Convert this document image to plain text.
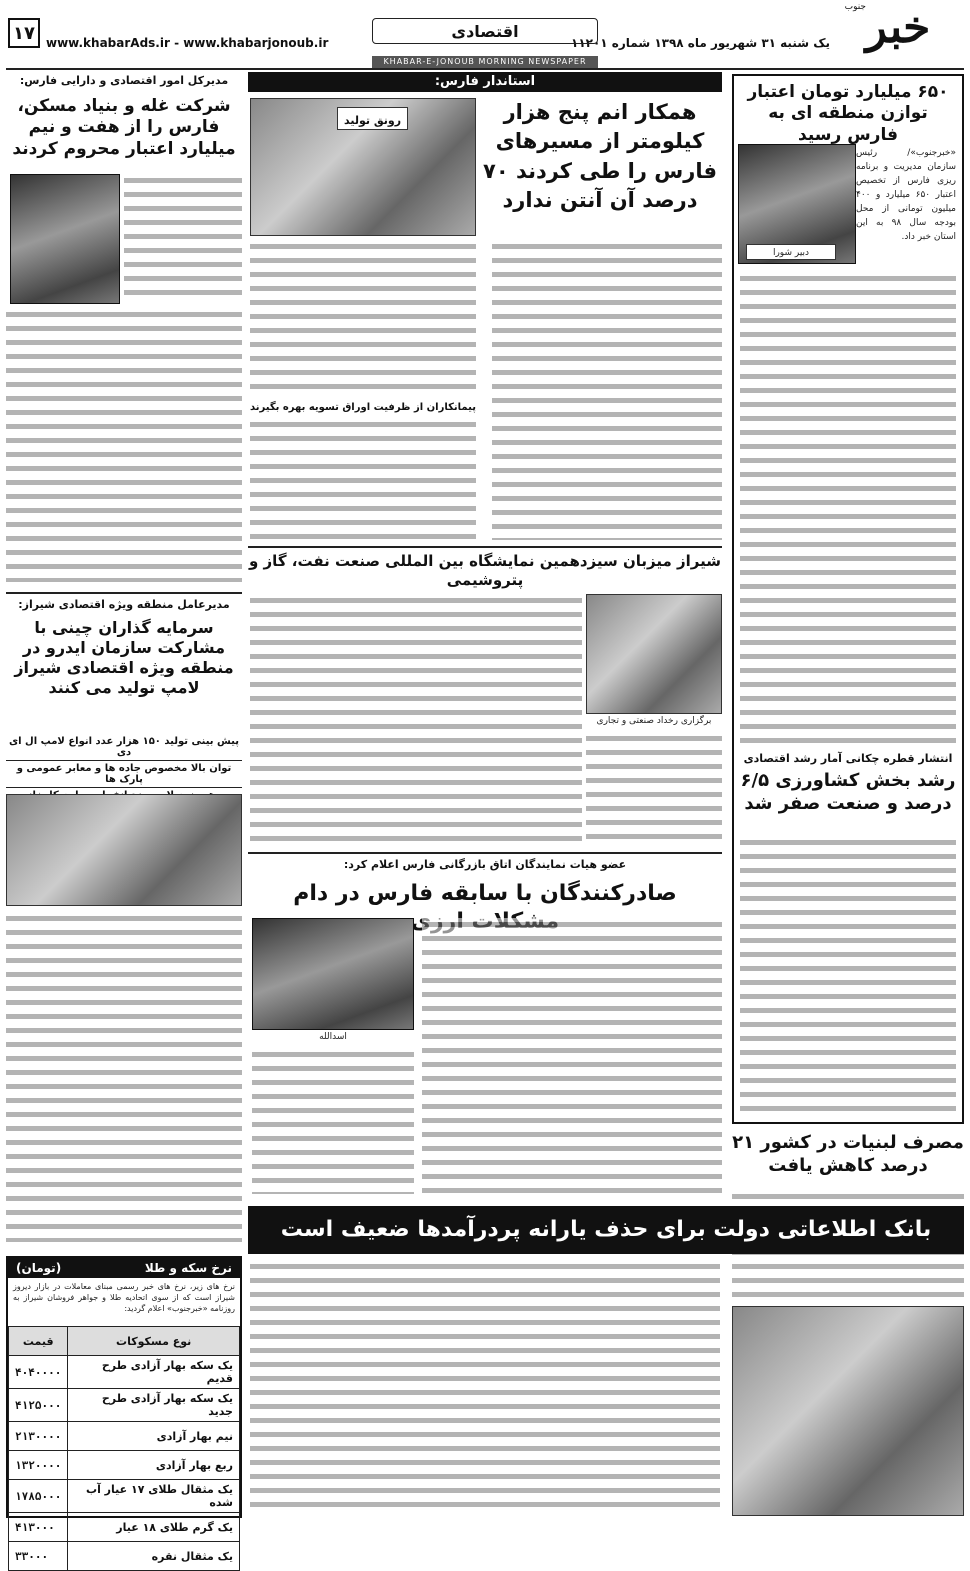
خبر
جنوب
یک شنبه ۳۱ شهریور ماه ۱۳۹۸ شماره ۱۱۲۰۱
اقتصادی
www.khabarAds.ir - www.khabarjonoub.ir
۱۷
KHABAR-E-JONOUB MORNING NEWSPAPER
۶۵۰ میلیارد تومان اعتبار توازن منطقه ای به فارس رسید
دبیر شورا
«خبرجنوب»/ رئیس سازمان مدیریت و برنامه ریزی فارس از تخصیص اعتبار ۶۵۰ میلیارد و ۴۰۰ میلیون تومانی از محل بودجه سال ۹۸ به این استان خبر داد.
انتشار قطره چکانی آمار رشد اقتصادی
رشد بخش کشاورزی ۶/۵ درصد و صنعت صفر شد
استاندار فارس:
همکار انم پنج هزار کیلومتر از مسیرهای فارس را طی کردند ۷۰ درصد آن آنتن ندارد
رونق تولید
پیمانکاران از ظرفیت اوراق تسویه بهره بگیرند
مدیرکل امور اقتصادی و دارایی فارس:
شرکت غله و بنیاد مسکن، فارس را از هفت و نیم میلیارد اعتبار محروم کردند
شیراز میزبان سیزدهمین نمایشگاه بین المللی صنعت نفت، گاز و پتروشیمی
برگزاری رخداد صنعتی و تجاری
مدیرعامل منطقه ویژه اقتصادی شیراز:
سرمایه گذاران چینی با مشارکت سازمان ایدرو در منطقه ویژه اقتصادی شیراز لامپ تولید می کنند
پیش بینی تولید ۱۵۰ هزار عدد انواع لامپ ال ای دی
توان بالا مخصوص جاده ها و معابر عمومی و پارک ها
عضو هیات نمایندگان اتاق بازرگانی فارس اعلام کرد:
صادرکنندگان با سابقه فارس در دام
اسدالله
مصرف لبنیات در کشور ۲۱ درصد کاهش یافت
بانک اطلاعاتی دولت برای حذف یارانه پردرآمدها ضعیف است
نرخ سکه و طلا
(تومان)
نرخ های زیر، نرخ های خبر رسمی مبنای معاملات در بازار دیروز شیراز است که از سوی اتحادیه طلا و جواهر فروشان شیراز به روزنامه «خبرجنوب» اعلام گردید:
نوع مسکوکات	قیمت
یک سکه بهار آزادی طرح قدیم	۴۰۴۰۰۰۰
یک سکه بهار آزادی طرح جدید	۴۱۲۵۰۰۰
نیم بهار آزادی	۲۱۳۰۰۰۰
ربع بهار آزادی	۱۳۲۰۰۰۰
یک مثقال طلای ۱۷ عیار آب شده	۱۷۸۵۰۰۰
یک گرم طلای ۱۸ عیار	۴۱۳۰۰۰
یک مثقال نقره	۳۳۰۰۰
